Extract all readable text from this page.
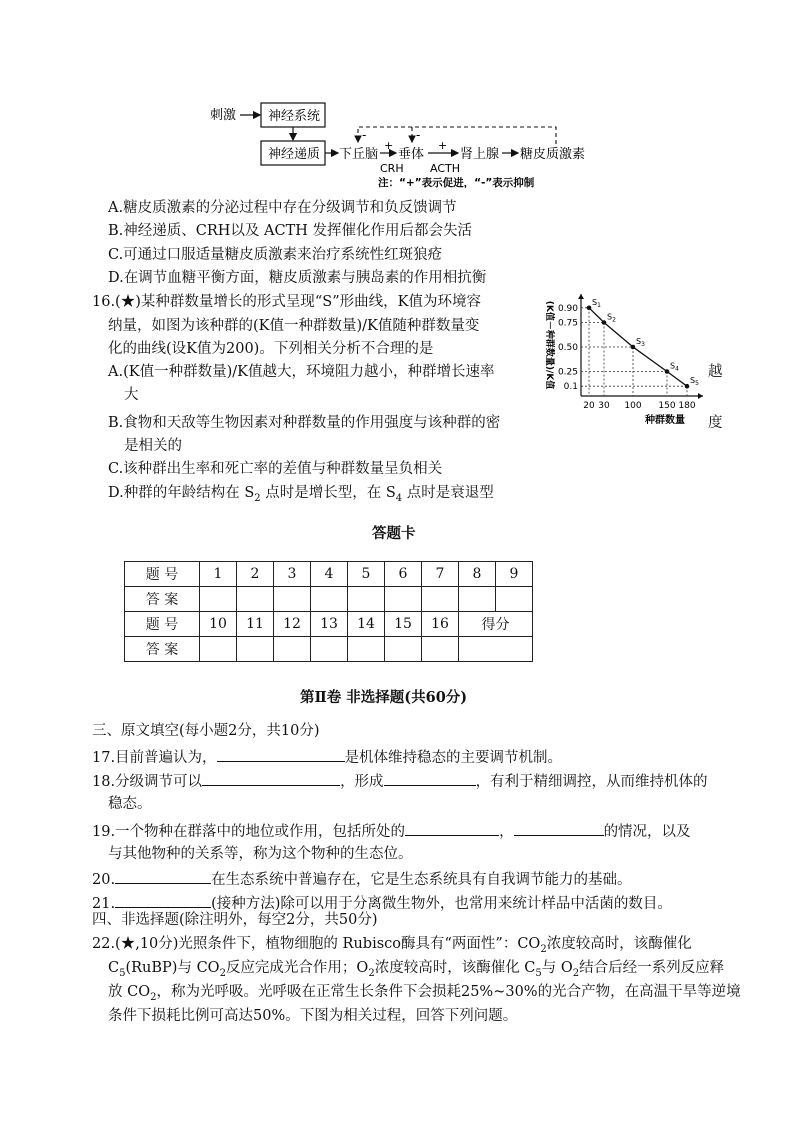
刺激 神经系统
神经递质 下丘脑
+
CRH
垂体
+
ACTH
肾上腺 糖皮质激素
-	-
注：“+”表示促进，“-”表示抑制
A.糖皮质激素的分泌过程中存在分级调节和负反馈调节
B.神经递质、CRH以及 ACTH 发挥催化作用后都会失活
C.可通过口服适量糖皮质激素来治疗系统性红斑狼疮
D.在调节血糖平衡方面，糖皮质激素与胰岛素的作用相抗衡
16.(★)某种群数量增长的形式呈现“S”形曲线，K值为环境容
纳量，如图为该种群的(K值一种群数量)/K值随种群数量变
化的曲线(设K值为200)。下列相关分析不合理的是
A.(K值一种群数量)/K值越大，环境阻力越小，种群增长速率	越
大
B.食物和天敌等生物因素对种群数量的作用强度与该种群的密	度
是相关的
C.该种群出生率和死亡率的差值与种群数量呈负相关
D.种群的年龄结构在 $S_2$ 点时是增长型，在 $S_4$ 点时是衰退型
0.90
0.75
0.50
0.25
0.1
20 30 100 150 180
$S_1$
$S_2$
$S_3$
$S_4$
$S_5$
种群数量
(K值－种群数量)/K值
答题卡
题 号	1	2	3	4	5	6	7	8	9
答 案									
题 号	10	11	12	13	14	15	16	得分	
答 案									
第Ⅱ卷 非选择题(共60分)
三、原文填空(每小题2分，共10分)
17.目前普遍认为，	是机体维持稳态的主要调节机制。
18.分级调节可以	，形成	，有利于精细调控，从而维持机体的
稳态。
19.一个物种在群落中的地位或作用，包括所处的	，	的情况，以及
与其他物种的关系等，称为这个物种的生态位。
20.	在生态系统中普遍存在，它是生态系统具有自我调节能力的基础。
21.	(接种方法)除可以用于分离微生物外，也常用来统计样品中活菌的数目。
四、非选择题(除注明外，每空2分，共50分)
22.(★,10分)光照条件下，植物细胞的 Rubisco酶具有“两面性”：$CO_2$浓度较高时，该酶催化
$C_5(RuBP)$与 $CO_2$反应完成光合作用；$O_2$浓度较高时，该酶催化 $C_5$与 $O_2$结合后经一系列反应释
放 $CO_2$，称为光呼吸。光呼吸在正常生长条件下会损耗25%~30%的光合产物，在高温干旱等逆境
条件下损耗比例可高达50%。下图为相关过程，回答下列问题。
